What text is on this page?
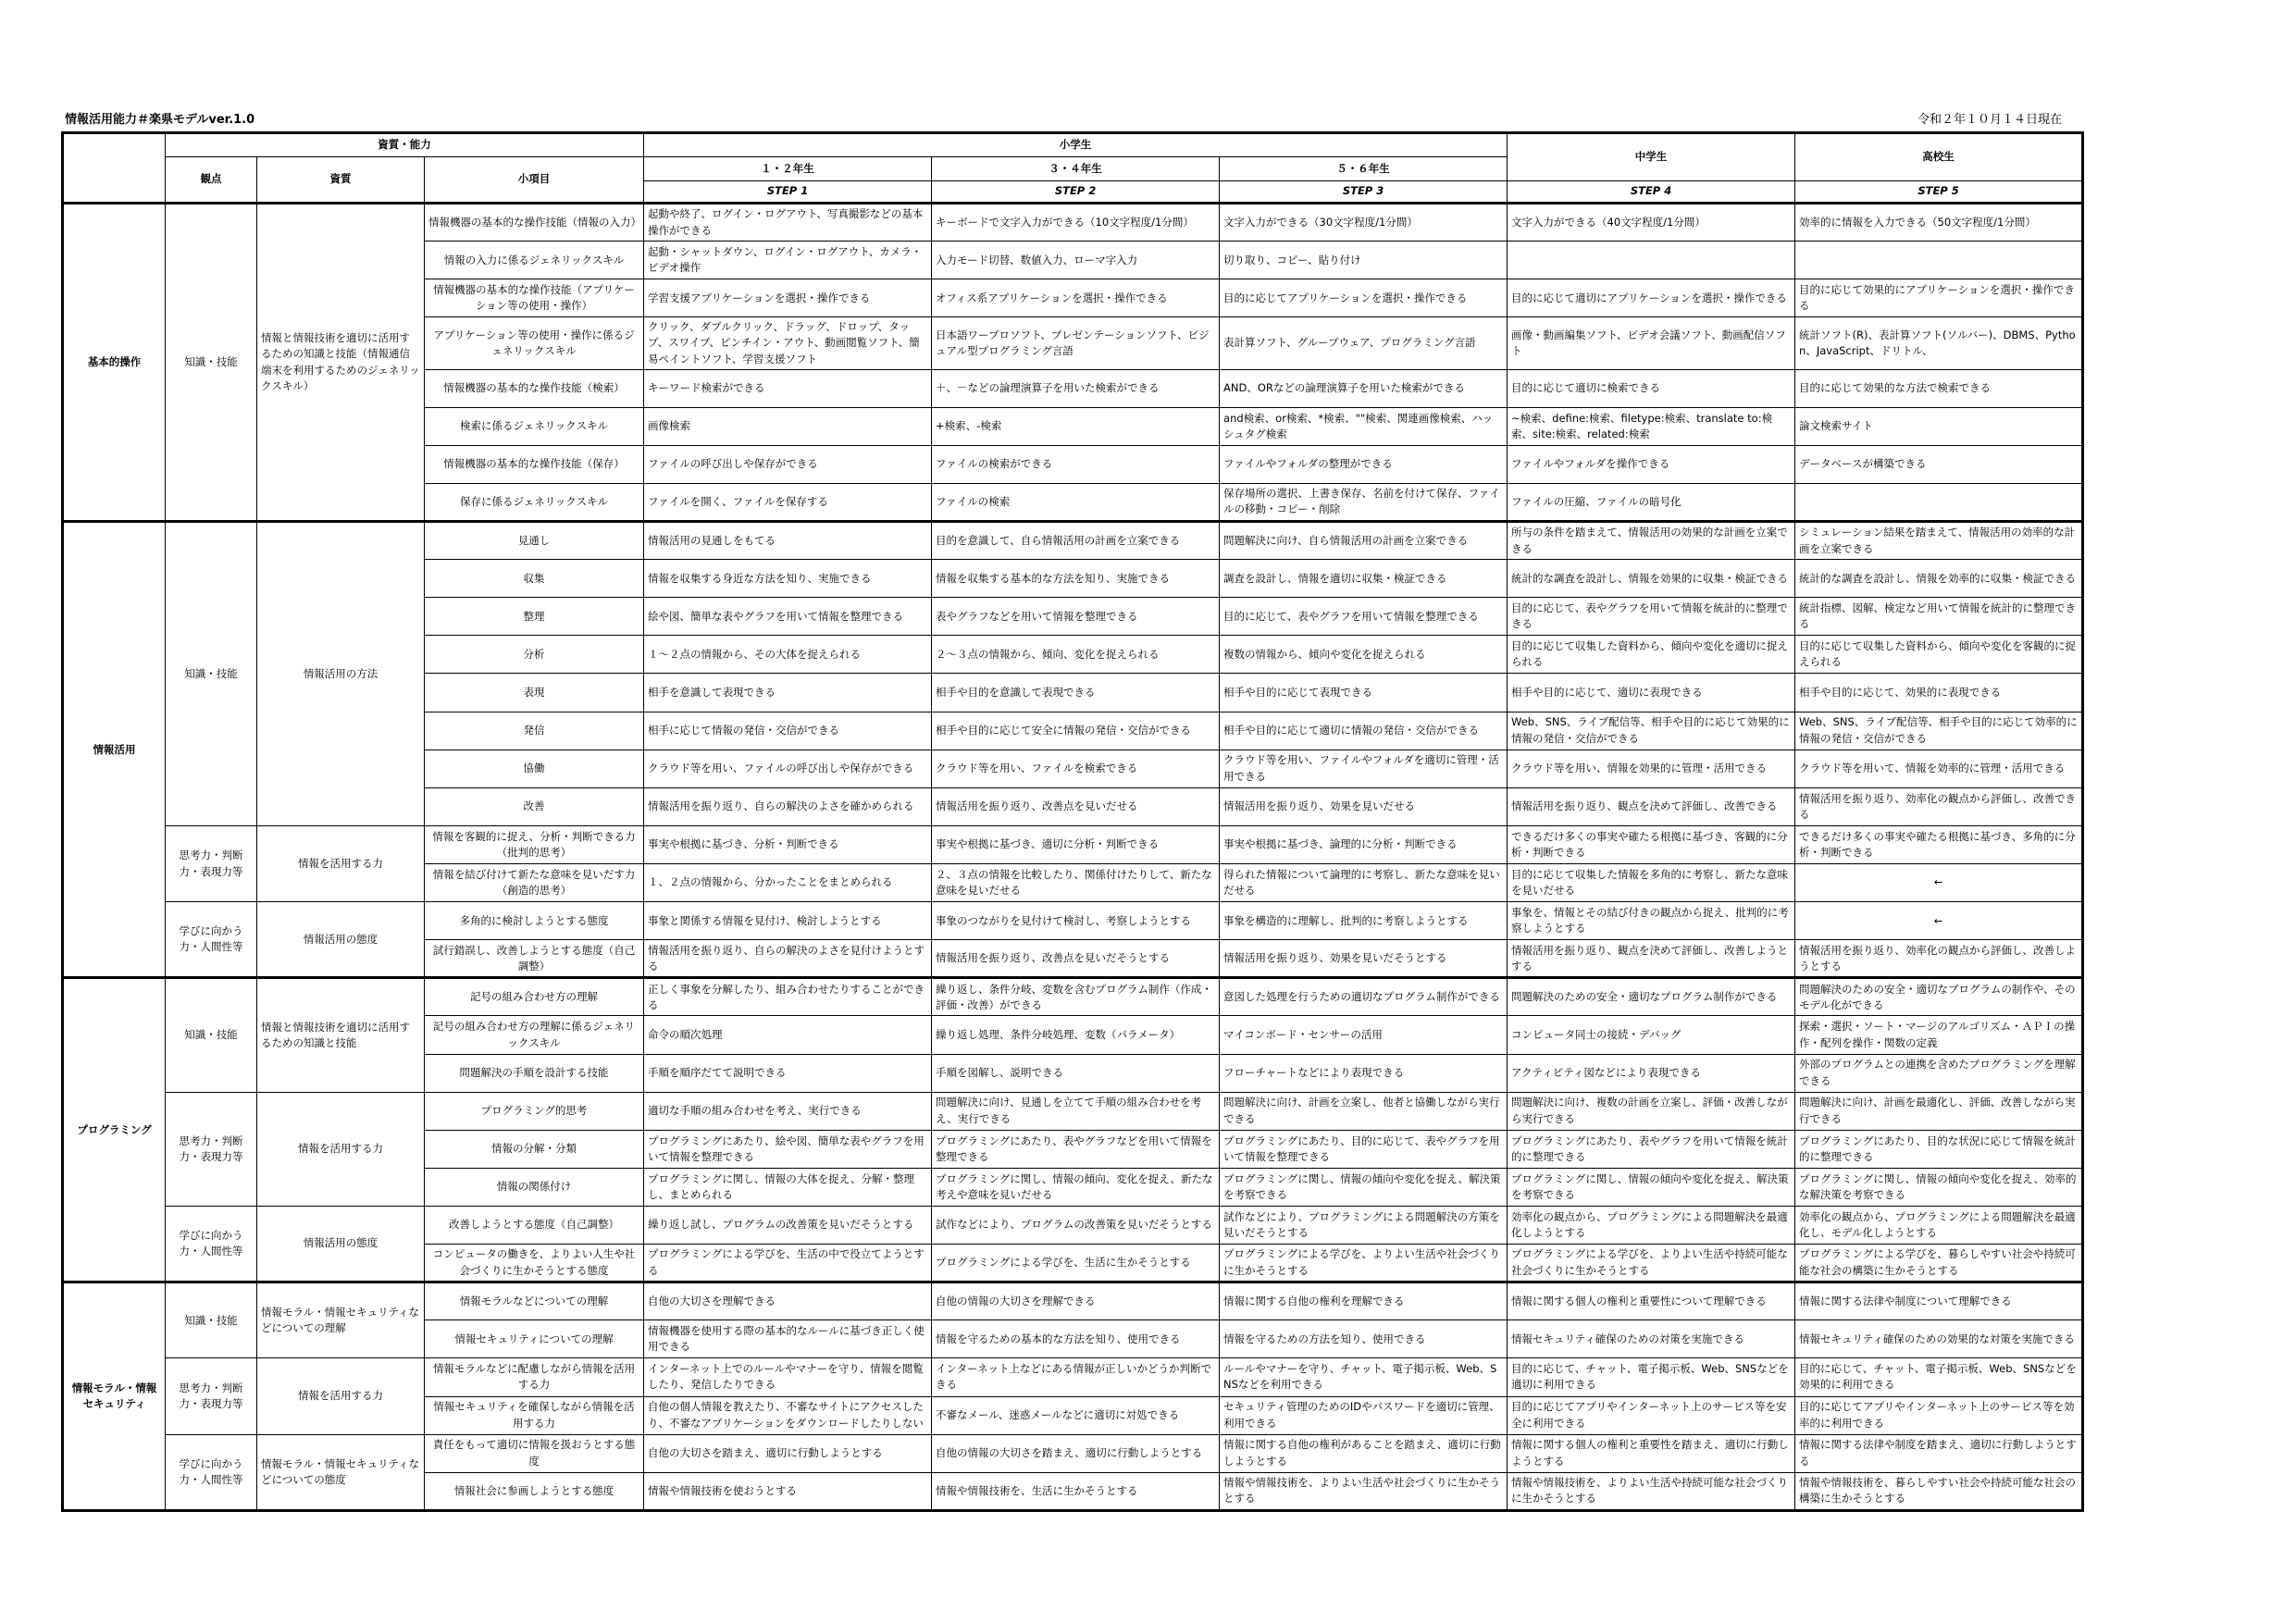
情報活用能力＃楽県モデルver.1.0	令和２年１０月１４日現在
	資質・能力			小学生			中学生	高校生
	観点	資質	小項目	１・２年生	３・４年生	５・６年生		
				STEP 1	STEP 2	STEP 3	STEP 4	STEP 5
基本的操作	知識・技能	情報と情報技術を適切に活用するための知識と技能（情報通信端末を利用するためのジェネリックスキル）	情報機器の基本的な操作技能（情報の入力）	起動や終了、ログイン・ログアウト、写真撮影などの基本操作ができる	キーボードで文字入力ができる（10文字程度/1分間）	文字入力ができる（30文字程度/1分間）	文字入力ができる（40文字程度/1分間）	効率的に情報を入力できる（50文字程度/1分間）
			情報の入力に係るジェネリックスキル	起動・シャットダウン、ログイン・ログアウト、カメラ・ビデオ操作	入力モード切替、数値入力、ローマ字入力	切り取り、コピー、貼り付け		
			情報機器の基本的な操作技能（アプリケーション等の使用・操作）	学習支援アプリケーションを選択・操作できる	オフィス系アプリケーションを選択・操作できる	目的に応じてアプリケーションを選択・操作できる	目的に応じて適切にアプリケーションを選択・操作できる	目的に応じて効果的にアプリケーションを選択・操作できる
			アプリケーション等の使用・操作に係るジェネリックスキル	クリック、ダブルクリック、ドラッグ、ドロップ、タップ、スワイプ、ピンチイン・アウト、動画閲覧ソフト、簡易ペイントソフト、学習支援ソフト	日本語ワープロソフト、プレゼンテーションソフト、ビジュアル型プログラミング言語	表計算ソフト、グループウェア、プログラミング言語	画像・動画編集ソフト、ビデオ会議ソフト、動画配信ソフト	統計ソフト(R)、表計算ソフト(ソルバー)、DBMS、Python、JavaScript、ドリトル、
			情報機器の基本的な操作技能（検索）	キーワード検索ができる	＋、－などの論理演算子を用いた検索ができる	AND、ORなどの論理演算子を用いた検索ができる	目的に応じて適切に検索できる	目的に応じて効果的な方法で検索できる
			検索に係るジェネリックスキル	画像検索	+検索、-検索	and検索、or検索、*検索、""検索、関連画像検索、ハッシュタグ検索	~検索、define:検索、filetype:検索、translate to:検索、site:検索、related:検索	論文検索サイト
			情報機器の基本的な操作技能（保存）	ファイルの呼び出しや保存ができる	ファイルの検索ができる	ファイルやフォルダの整理ができる	ファイルやフォルダを操作できる	データベースが構築できる
			保存に係るジェネリックスキル	ファイルを開く、ファイルを保存する	ファイルの検索	保存場所の選択、上書き保存、名前を付けて保存、ファイルの移動・コピー・削除	ファイルの圧縮、ファイルの暗号化	
情報活用	知識・技能	情報活用の方法	見通し	情報活用の見通しをもてる	目的を意識して、自ら情報活用の計画を立案できる	問題解決に向け、自ら情報活用の計画を立案できる	所与の条件を踏まえて、情報活用の効果的な計画を立案できる	シミュレーション結果を踏まえて、情報活用の効率的な計画を立案できる
			収集	情報を収集する身近な方法を知り、実施できる	情報を収集する基本的な方法を知り、実施できる	調査を設計し、情報を適切に収集・検証できる	統計的な調査を設計し、情報を効果的に収集・検証できる	統計的な調査を設計し、情報を効率的に収集・検証できる
			整理	絵や図、簡単な表やグラフを用いて情報を整理できる	表やグラフなどを用いて情報を整理できる	目的に応じて、表やグラフを用いて情報を整理できる	目的に応じて、表やグラフを用いて情報を統計的に整理できる	統計指標、図解、検定など用いて情報を統計的に整理できる
			分析	１～２点の情報から、その大体を捉えられる	２～３点の情報から、傾向、変化を捉えられる	複数の情報から、傾向や変化を捉えられる	目的に応じて収集した資料から、傾向や変化を適切に捉えられる	目的に応じて収集した資料から、傾向や変化を客観的に捉えられる
			表現	相手を意識して表現できる	相手や目的を意識して表現できる	相手や目的に応じて表現できる	相手や目的に応じて、適切に表現できる	相手や目的に応じて、効果的に表現できる
			発信	相手に応じて情報の発信・交信ができる	相手や目的に応じて安全に情報の発信・交信ができる	相手や目的に応じて適切に情報の発信・交信ができる	Web、SNS、ライブ配信等、相手や目的に応じて効果的に情報の発信・交信ができる	Web、SNS、ライブ配信等、相手や目的に応じて効率的に情報の発信・交信ができる
			協働	クラウド等を用い、ファイルの呼び出しや保存ができる	クラウド等を用い、ファイルを検索できる	クラウド等を用い、ファイルやフォルダを適切に管理・活用できる	クラウド等を用い、情報を効果的に管理・活用できる	クラウド等を用いて、情報を効率的に管理・活用できる
			改善	情報活用を振り返り、自らの解決のよさを確かめられる	情報活用を振り返り、改善点を見いだせる	情報活用を振り返り、効果を見いだせる	情報活用を振り返り、観点を決めて評価し、改善できる	情報活用を振り返り、効率化の観点から評価し、改善できる
	思考力・判断力・表現力等	情報を活用する力	情報を客観的に捉え、分析・判断できる力（批判的思考）	事実や根拠に基づき、分析・判断できる	事実や根拠に基づき、適切に分析・判断できる	事実や根拠に基づき、論理的に分析・判断できる	できるだけ多くの事実や確たる根拠に基づき、客観的に分析・判断できる	できるだけ多くの事実や確たる根拠に基づき、多角的に分析・判断できる
			情報を結び付けて新たな意味を見いだす力（創造的思考）	１、２点の情報から、分かったことをまとめられる	２、３点の情報を比較したり、関係付けたりして、新たな意味を見いだせる	得られた情報について論理的に考察し、新たな意味を見いだせる	目的に応じて収集した情報を多角的に考察し、新たな意味を見いだせる	←
	学びに向かう力・人間性等	情報活用の態度	多角的に検討しようとする態度	事象と関係する情報を見付け、検討しようとする	事象のつながりを見付けて検討し、考察しようとする	事象を構造的に理解し、批判的に考察しようとする	事象を、情報とその結び付きの観点から捉え、批判的に考察しようとする	←
			試行錯誤し、改善しようとする態度（自己調整）	情報活用を振り返り、自らの解決のよさを見付けようとする	情報活用を振り返り、改善点を見いだそうとする	情報活用を振り返り、効果を見いだそうとする	情報活用を振り返り、観点を決めて評価し、改善しようとする	情報活用を振り返り、効率化の観点から評価し、改善しようとする
プログラミング	知識・技能	情報と情報技術を適切に活用するための知識と技能	記号の組み合わせ方の理解	正しく事象を分解したり、組み合わせたりすることができる	繰り返し、条件分岐、変数を含むプログラム制作（作成・評価・改善）ができる	意図した処理を行うための適切なプログラム制作ができる	問題解決のための安全・適切なプログラム制作ができる	問題解決のための安全・適切なプログラムの制作や、そのモデル化ができる
			記号の組み合わせ方の理解に係るジェネリックスキル	命令の順次処理	繰り返し処理、条件分岐処理、変数（パラメータ）	マイコンボード・センサーの活用	コンピュータ同士の接続・デバッグ	探索・選択・ソート・マージのアルゴリズム・ＡＰＩの操作・配列を操作・関数の定義
			問題解決の手順を設計する技能	手順を順序だてて説明できる	手順を図解し、説明できる	フローチャートなどにより表現できる	アクティビティ図などにより表現できる	外部のプログラムとの連携を含めたプログラミングを理解できる
	思考力・判断力・表現力等	情報を活用する力	プログラミング的思考	適切な手順の組み合わせを考え、実行できる	問題解決に向け、見通しを立てて手順の組み合わせを考え、実行できる	問題解決に向け、計画を立案し、他者と協働しながら実行できる	問題解決に向け、複数の計画を立案し、評価・改善しながら実行できる	問題解決に向け、計画を最適化し、評価、改善しながら実行できる
			情報の分解・分類	プログラミングにあたり、絵や図、簡単な表やグラフを用いて情報を整理できる	プログラミングにあたり、表やグラフなどを用いて情報を整理できる	プログラミングにあたり、目的に応じて、表やグラフを用いて情報を整理できる	プログラミングにあたり、表やグラフを用いて情報を統計的に整理できる	プログラミングにあたり、目的な状況に応じて情報を統計的に整理できる
			情報の関係付け	プログラミングに関し、情報の大体を捉え、分解・整理し、まとめられる	プログラミングに関し、情報の傾向、変化を捉え、新たな考えや意味を見いだせる	プログラミングに関し、情報の傾向や変化を捉え、解決策を考察できる	プログラミングに関し、情報の傾向や変化を捉え、解決策を考察できる	プログラミングに関し、情報の傾向や変化を捉え、効率的な解決策を考察できる
	学びに向かう力・人間性等	情報活用の態度	改善しようとする態度（自己調整）	繰り返し試し、プログラムの改善策を見いだそうとする	試作などにより、プログラムの改善策を見いだそうとする	試作などにより、プログラミングによる問題解決の方策を見いだそうとする	効率化の観点から、プログラミングによる問題解決を最適化しようとする	効率化の観点から、プログラミングによる問題解決を最適化し、モデル化しようとする
			コンピュータの働きを、よりよい人生や社会づくりに生かそうとする態度	プログラミングによる学びを、生活の中で役立てようとする	プログラミングによる学びを、生活に生かそうとする	プログラミングによる学びを、よりよい生活や社会づくりに生かそうとする	プログラミングによる学びを、よりよい生活や持続可能な社会づくりに生かそうとする	プログラミングによる学びを、暮らしやすい社会や持続可能な社会の構築に生かそうとする
情報モラル・情報セキュリティ	知識・技能	情報モラル・情報セキュリティなどについての理解	情報モラルなどについての理解	自他の大切さを理解できる	自他の情報の大切さを理解できる	情報に関する自他の権利を理解できる	情報に関する個人の権利と重要性について理解できる	情報に関する法律や制度について理解できる
			情報セキュリティについての理解	情報機器を使用する際の基本的なルールに基づき正しく使用できる	情報を守るための基本的な方法を知り、使用できる	情報を守るための方法を知り、使用できる	情報セキュリティ確保のための対策を実施できる	情報セキュリティ確保のための効果的な対策を実施できる
	思考力・判断力・表現力等	情報を活用する力	情報モラルなどに配慮しながら情報を活用する力	インターネット上でのルールやマナーを守り、情報を閲覧したり、発信したりできる	インターネット上などにある情報が正しいかどうか判断できる	ルールやマナーを守り、チャット、電子掲示板、Web、SNSなどを利用できる	目的に応じて、チャット、電子掲示板、Web、SNSなどを適切に利用できる	目的に応じて、チャット、電子掲示板、Web、SNSなどを効果的に利用できる
			情報セキュリティを確保しながら情報を活用する力	自他の個人情報を教えたり、不審なサイトにアクセスしたり、不審なアプリケーションをダウンロードしたりしない	不審なメール、迷惑メールなどに適切に対処できる	セキュリティ管理のためのIDやパスワードを適切に管理、利用できる	目的に応じてアプリやインターネット上のサービス等を安全に利用できる	目的に応じてアプリやインターネット上のサービス等を効率的に利用できる
	学びに向かう力・人間性等	情報モラル・情報セキュリティなどについての態度	責任をもって適切に情報を扱おうとする態度	自他の大切さを踏まえ、適切に行動しようとする	自他の情報の大切さを踏まえ、適切に行動しようとする	情報に関する自他の権利があることを踏まえ、適切に行動しようとする	情報に関する個人の権利と重要性を踏まえ、適切に行動しようとする	情報に関する法律や制度を踏まえ、適切に行動しようとする
			情報社会に参画しようとする態度	情報や情報技術を使おうとする	情報や情報技術を、生活に生かそうとする	情報や情報技術を、よりよい生活や社会づくりに生かそうとする	情報や情報技術を、よりよい生活や持続可能な社会づくりに生かそうとする	情報や情報技術を、暮らしやすい社会や持続可能な社会の構築に生かそうとする
